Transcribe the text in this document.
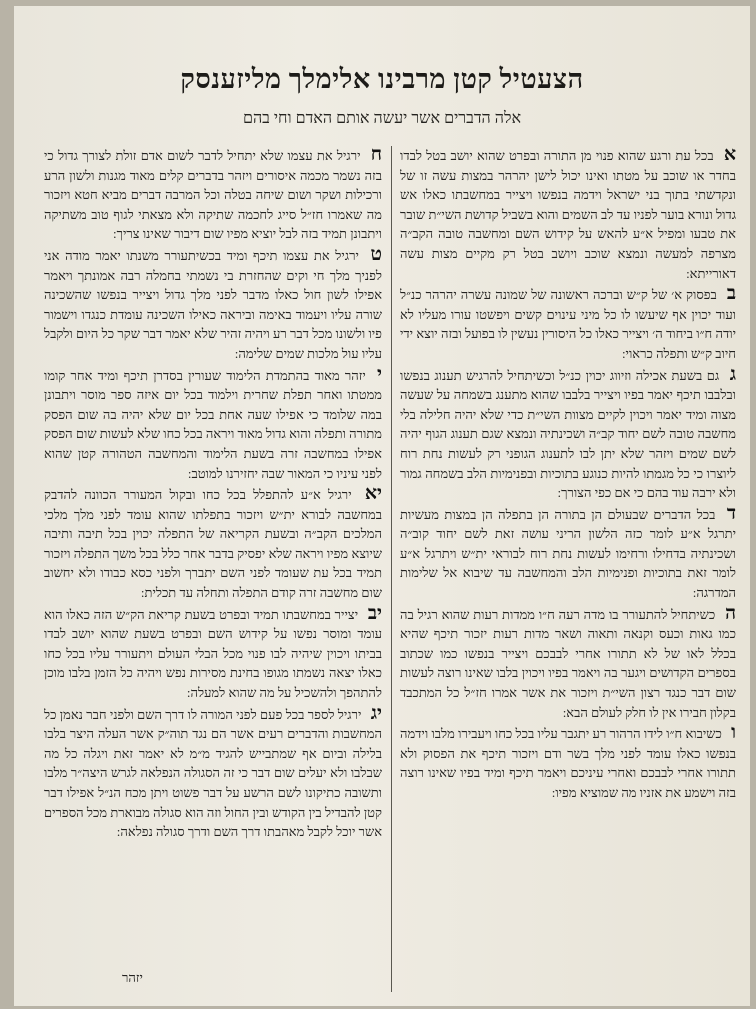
הצעטיל קטן מרבינו אלימלך מליזענסק
אלה הדברים אשר יעשה אותם האדם וחי בהם

א בכל עת ורגע שהוא פנוי מן התורה ובפרט שהוא יושב בטל לבדו בחדר או שוכב על מטתו ואינו יכול לישן יהרהר במצות עשה זו של ונקדשתי בתוך בני ישראל וידמה בנפשו ויצייר במחשבתו כאלו אש גדול ונורא בוער לפניו עד לב השמים והוא בשביל קדושת השי״ת שובר את טבעו ומפיל א״ע להאש על קידוש השם ומחשבה טובה הקב״ה מצרפה למעשה ונמצא שוכב ויושב בטל רק מקיים מצות עשה דאורייתא:

ב בפסוק א׳ של ק״ש וברכה ראשונה של שמונה עשרה יהרהר כנ״ל ועוד יכוין אף שיעשו לו כל מיני עינוים קשים ויפשטו עורו מעליו לא יודה ח״ו ביחוד ה׳ ויצייר כאלו כל היסורין נעשין לו בפועל ובזה יוצא ידי חיוב ק״ש ותפלה כראוי:

ג גם בשעת אכילה וזיווג יכוין כנ״ל וכשיתחיל להרגיש תענוג בנפשו ובלבבו תיכף יאמר בפיו ויצייר בלבבו שהוא מתענג בשמחה על שעשה מצוה ומיד יאמר ויכוין לקיים מצוות השי״ת כדי שלא יהיה חלילה בלי מחשבה טובה לשם יחוד קב״ה ושכינתיה ונמצא שגם תענוג הגוף יהיה לשם שמים ויזהר שלא יתן לבו לתענוג הגופני רק לעשות נחת רוח ליוצרו כי כל מגמתו להיות כנוגע בתוכיות ובפנימיות הלב בשמחה גמור ולא ירבה עוד בהם כי אם כפי הצורך:

ד בכל הדברים שבעולם הן בתורה הן בתפלה הן במצות מעשיות יתרגל א״ע לומר כזה הלשון הריני עושה זאת לשם יחוד קוב״ה ושכינתיה בדחילו ורחימו לעשות נחת רוח לבוראי ית״ש ויתרגל א״ע לומר זאת בתוכיות ופנימיות הלב והמחשבה עד שיבוא אל שלימות המדרגה:

ה כשיתחיל להתעורר בו מדה רעה ח״ו ממדות רעות שהוא רגיל בה כמו גאות וכעס וקנאה ותאוה ושאר מדות רעות יזכור תיכף שהיא בכלל לאו של לא תתורו אחרי לבבכם ויצייר בנפשו כמו שכתוב בספרים הקדושים ויגער בה ויאמר בפיו ויכוין בלבו שאינו רוצה לעשות שום דבר כנגד רצון השי״ת ויזכור את אשר אמרו חז״ל כל המתכבד בקלון חבירו אין לו חלק לעולם הבא:

ו כשיבוא ח״ו לידו הרהור רע יתגבר עליו בכל כחו ויעבירו מלבו וידמה בנפשו כאלו עומד לפני מלך בשר ודם ויזכור תיכף את הפסוק ולא תתורו אחרי לבבכם ואחרי עיניכם ויאמר תיכף ומיד בפיו שאינו רוצה בזה וישמע את אזניו מה שמוציא מפיו:

ח ירגיל את עצמו שלא יתחיל לדבר לשום אדם זולת לצורך גדול כי בזה נשמר מכמה איסורים ויזהר בדברים קלים מאוד מגנות ולשון הרע ורכילות ושקר ושום שיחה בטלה וכל המרבה דברים מביא חטא ויזכור מה שאמרו חז״ל סייג לחכמה שתיקה ולא מצאתי לגוף טוב משתיקה ויתבונן תמיד בזה לבל יוציא מפיו שום דיבור שאינו צריך:

ט ירגיל את עצמו תיכף ומיד בכשיתעורר משנתו יאמר מודה אני לפניך מלך חי וקים שהחזרת בי נשמתי בחמלה רבה אמונתך ויאמר אפילו לשון חול כאלו מדבר לפני מלך גדול ויצייר בנפשו שהשכינה שורה עליו ויעמוד באימה וביראה כאילו השכינה עומדת כנגדו וישמור פיו ולשונו מכל דבר רע ויהיה זהיר שלא יאמר דבר שקר כל היום ולקבל עליו עול מלכות שמים שלימה:

י יזהר מאוד בהתמדת הלימוד שעורין בסדרן תיכף ומיד אחר קומו ממטתו ואחר תפלת שחרית וילמוד בכל יום איזה ספר מוסר ויתבונן במה שלומד כי אפילו שעה אחת בכל יום שלא יהיה בה שום הפסק מתורה ותפלה והוא גדול מאוד ויראה בכל כחו שלא לעשות שום הפסק אפילו במחשבה זרה בשעת הלימוד והמחשבה הטהורה קטן שהוא לפני עיניו כי המאור שבה יחזירנו למוטב:

יא ירגיל א״ע להתפלל בכל כחו ובקול המעורר הכוונה להדבק במחשבה לבורא ית״ש ויזכור בתפלתו שהוא עומד לפני מלך מלכי המלכים הקב״ה ובשעת הקריאה של התפלה יכוין בכל תיבה ותיבה שיוצא מפיו ויראה שלא יפסיק בדבר אחר כלל בכל משך התפלה ויזכור תמיד בכל עת שעומד לפני השם יתברך ולפני כסא כבודו ולא יחשוב שום מחשבה זרה קודם התפלה ותחלה עד תכלית:

יב יצייר במחשבתו תמיד ובפרט בשעת קריאת הק״ש הזה כאלו הוא עומד ומוסר נפשו על קידוש השם ובפרט בשעת שהוא יושב לבדו בביתו ויכוין שיהיה לבו פנוי מכל הבלי העולם ויתעורר עליו בכל כחו כאלו יצאה נשמתו מגופו בחינת מסירות נפש ויהיה כל הזמן בלבו מוכן להתהפך ולהשכיל על מה שהוא למעלה:

יג ירגיל לספר בכל פעם לפני המורה לו דרך השם ולפני חבר נאמן כל המחשבות והדברים רעים אשר הם נגד תוה״ק אשר העלה היצר בלבו בלילה וביום אף שמתבייש להגיד מ״מ לא יאמר זאת ויגלה כל מה שבלבו ולא יעלים שום דבר כי זה הסגולה הנפלאה לגרש היצה״ר מלבו ותשובה כתיקונו לשם הרשע על דבר פשוט ויתן מכח הנ״ל אפילו דבר קטן להבדיל בין הקודש ובין החול וזה הוא סגולה מבוארת מכל הספרים אשר יוכל לקבל מאהבתו דרך השם ודרך סגולה נפלאה:

יזהר
